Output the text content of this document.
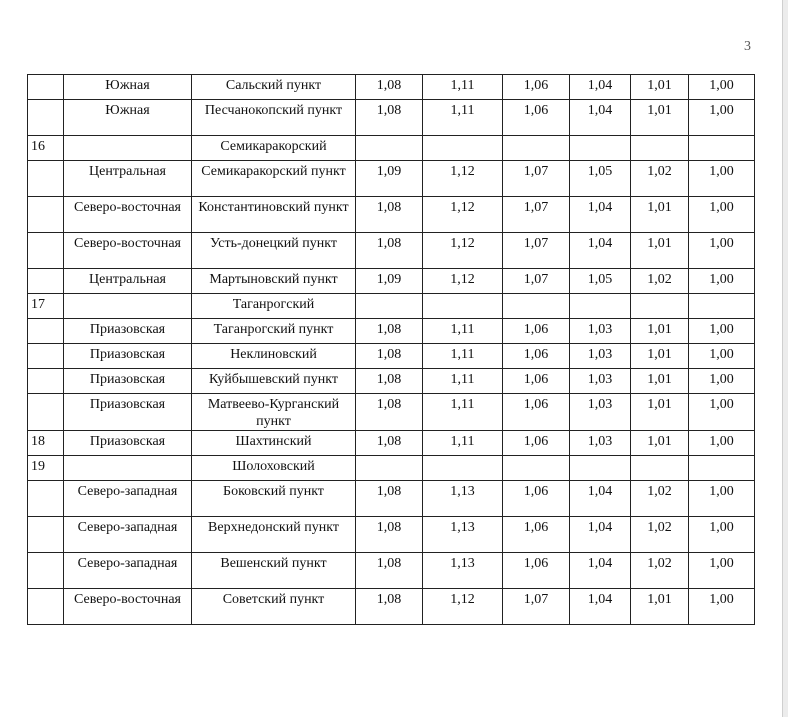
3
	Южная	Сальский пункт	1,08	1,11	1,06	1,04	1,01	1,00
	Южная	Песчанокопский пункт	1,08	1,11	1,06	1,04	1,01	1,00
16		Семикаракорский						
	Центральная	Семикаракорский пункт	1,09	1,12	1,07	1,05	1,02	1,00
	Северо-восточная	Константиновский пункт	1,08	1,12	1,07	1,04	1,01	1,00
	Северо-восточная	Усть-донецкий пункт	1,08	1,12	1,07	1,04	1,01	1,00
	Центральная	Мартыновский пункт	1,09	1,12	1,07	1,05	1,02	1,00
17		Таганрогский						
	Приазовская	Таганрогский пункт	1,08	1,11	1,06	1,03	1,01	1,00
	Приазовская	Неклиновский	1,08	1,11	1,06	1,03	1,01	1,00
	Приазовская	Куйбышевский пункт	1,08	1,11	1,06	1,03	1,01	1,00
	Приазовская	Матвеево-Курганский пункт	1,08	1,11	1,06	1,03	1,01	1,00
18	Приазовская	Шахтинский	1,08	1,11	1,06	1,03	1,01	1,00
19		Шолоховский						
	Северо-западная	Боковский пункт	1,08	1,13	1,06	1,04	1,02	1,00
	Северо-западная	Верхнедонский пункт	1,08	1,13	1,06	1,04	1,02	1,00
	Северо-западная	Вешенский пункт	1,08	1,13	1,06	1,04	1,02	1,00
	Северо-восточная	Советский пункт	1,08	1,12	1,07	1,04	1,01	1,00
